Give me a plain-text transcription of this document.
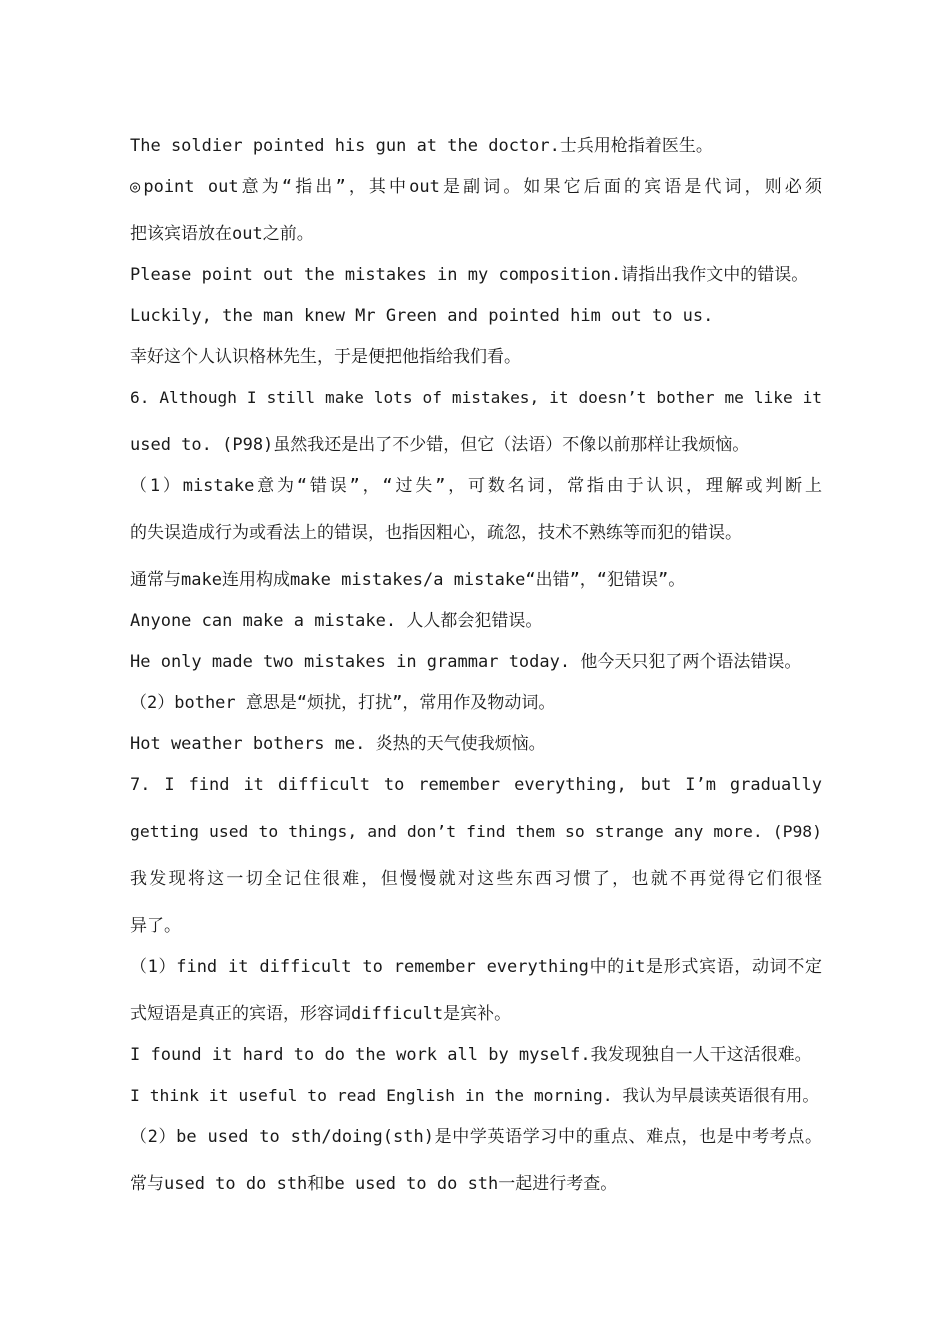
The soldier pointed his gun at the doctor.士兵用枪指着医生。

◎point out意为“指出”，其中out是副词。如果它后面的宾语是代词，则必须

把该宾语放在out之前。

Please point out the mistakes in my composition.请指出我作文中的错误。

Luckily, the man knew Mr Green and pointed him out to us.

幸好这个人认识格林先生，于是便把他指给我们看。

6. Although I still make lots of mistakes, it doesn’t bother me like it

used to. (P98)虽然我还是出了不少错，但它（法语）不像以前那样让我烦恼。

（1）mistake意为“错误”，“过失”，可数名词，常指由于认识，理解或判断上

的失误造成行为或看法上的错误，也指因粗心，疏忽，技术不熟练等而犯的错误。

通常与make连用构成make mistakes/a mistake“出错”，“犯错误”。

Anyone can make a mistake. 人人都会犯错误。

He only made two mistakes in grammar today. 他今天只犯了两个语法错误。

（2）bother 意思是“烦扰，打扰”，常用作及物动词。

Hot weather bothers me. 炎热的天气使我烦恼。

7. I find it difficult to remember everything, but I’m gradually

getting used to things, and don’t find them so strange any more. (P98)

我发现将这一切全记住很难，但慢慢就对这些东西习惯了，也就不再觉得它们很怪

异了。

（1）find it difficult to remember everything中的it是形式宾语，动词不定

式短语是真正的宾语，形容词difficult是宾补。

I found it hard to do the work all by myself.我发现独自一人干这活很难。

I think it useful to read English in the morning. 我认为早晨读英语很有用。

（2）be used to sth/doing(sth)是中学英语学习中的重点、难点，也是中考考点。

常与used to do sth和be used to do sth一起进行考查。
